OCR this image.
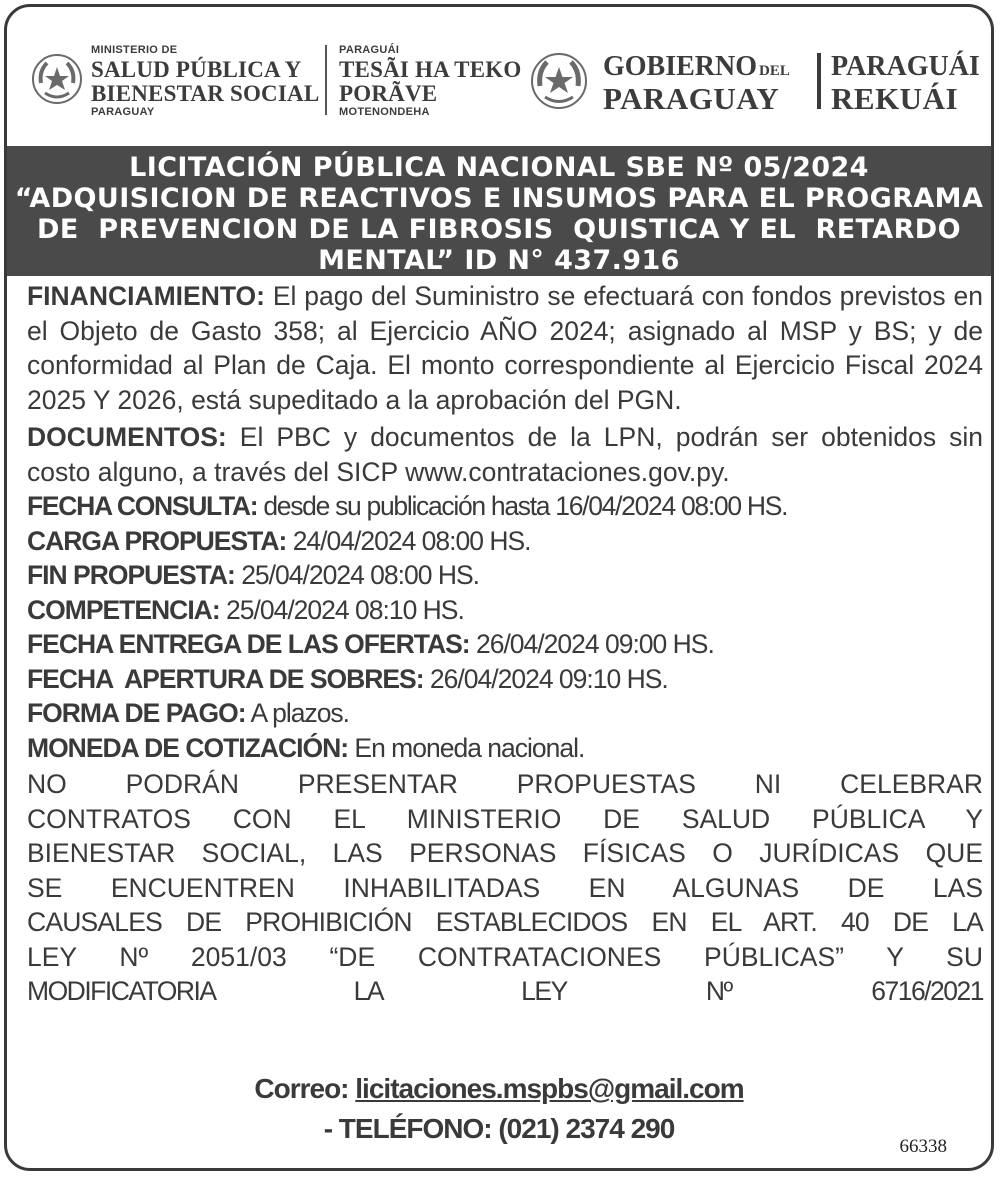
MINISTERIO DE
SALUD PÚBLICA Y
BIENESTAR SOCIAL
PARAGUAY
PARAGUÁI
TESÃI HA TEKO
PORÃVE
MOTENONDEHA
GOBIERNO DEL
PARAGUAY
PARAGUÁI
REKUÁI
LICITACIÓN PÚBLICA NACIONAL SBE Nº 05/2024
“ADQUISICION DE REACTIVOS E INSUMOS PARA EL PROGRAMA
DE  PREVENCION DE LA FIBROSIS  QUISTICA Y EL  RETARDO
MENTAL” ID N° 437.916

FINANCIAMIENTO: El pago del Suministro se efectuará con fondos previstos en el Objeto de Gasto 358; al Ejercicio AÑO 2024; asignado al MSP y BS; y de conformidad al Plan de Caja. El monto correspondiente al Ejercicio Fiscal 2024 2025 Y 2026, está supeditado a la aprobación del PGN.

DOCUMENTOS: El PBC y documentos de la LPN, podrán ser obtenidos sin costo alguno, a través del SICP www.contrataciones.gov.py.

FECHA CONSULTA: desde su publicación hasta 16/04/2024 08:00 HS.
CARGA PROPUESTA: 24/04/2024 08:00 HS.
FIN PROPUESTA: 25/04/2024 08:00 HS.
COMPETENCIA: 25/04/2024 08:10 HS.
FECHA ENTREGA DE LAS OFERTAS: 26/04/2024 09:00 HS.
FECHA  APERTURA DE SOBRES: 26/04/2024 09:10 HS.
FORMA DE PAGO: A plazos.
MONEDA DE COTIZACIÓN: En moneda nacional.
NO PODRÁN PRESENTAR PROPUESTAS NI CELEBRAR
CONTRATOS CON EL MINISTERIO DE SALUD PÚBLICA Y
BIENESTAR SOCIAL, LAS PERSONAS FÍSICAS O JURÍDICAS QUE
SE ENCUENTREN INHABILITADAS EN ALGUNAS DE LAS
CAUSALES DE PROHIBICIÓN ESTABLECIDOS EN EL ART. 40 DE LA
LEY Nº 2051/03 “DE CONTRATACIONES PÚBLICAS” Y SU
MODIFICATORIA LA LEY Nº 6716/2021
Correo: licitaciones.mspbs@gmail.com
- TELÉFONO: (021) 2374 290
66338
